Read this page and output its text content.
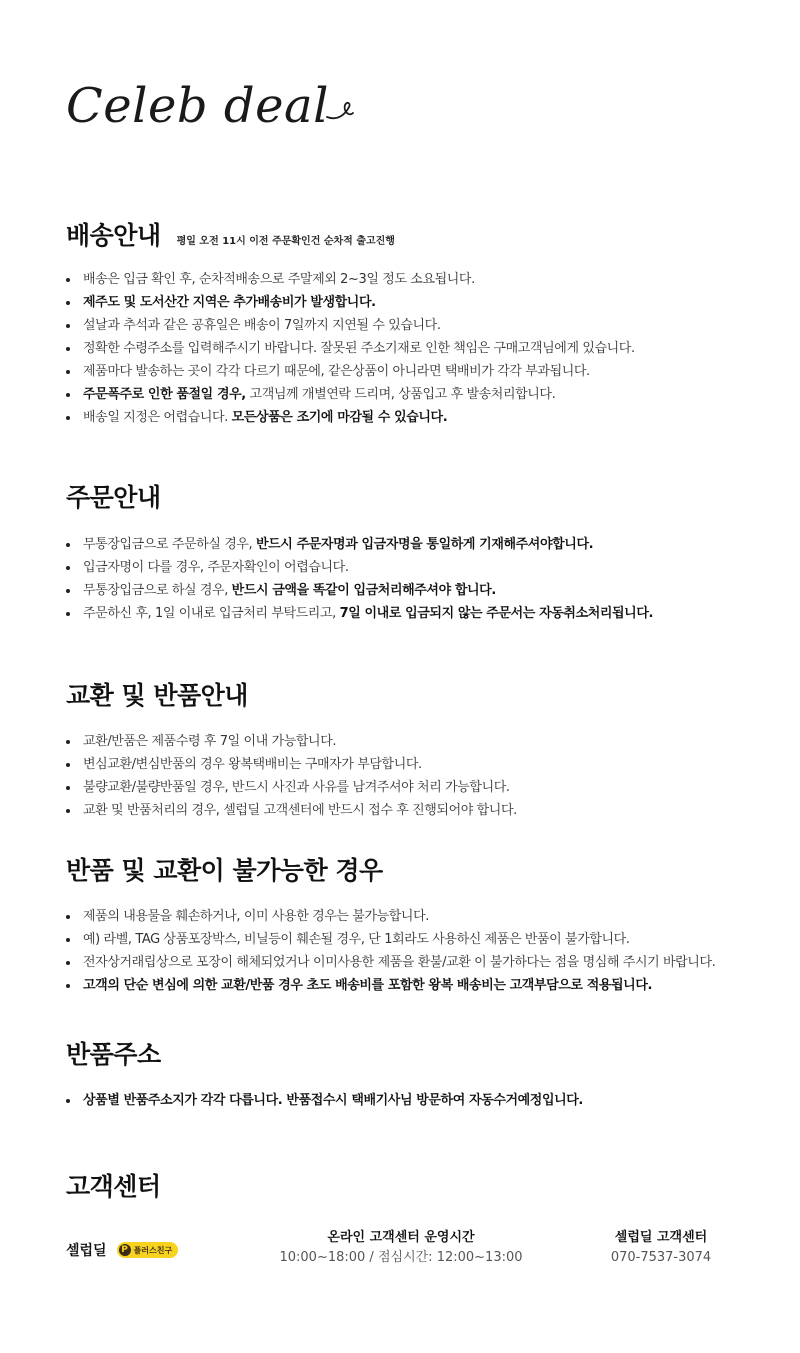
Celeb deal
배송안내 평일 오전 11시 이전 주문확인건 순차적 출고진행
배송은 입금 확인 후, 순차적배송으로 주말제외 2~3일 정도 소요됩니다.
제주도 및 도서산간 지역은 추가배송비가 발생합니다.
설날과 추석과 같은 공휴일은 배송이 7일까지 지연될 수 있습니다.
정확한 수령주소를 입력해주시기 바랍니다. 잘못된 주소기재로 인한 책임은 구매고객님에게 있습니다.
제품마다 발송하는 곳이 각각 다르기 때문에, 같은상품이 아니라면 택배비가 각각 부과됩니다.
주문폭주로 인한 품절일 경우, 고객님께 개별연락 드리며, 상품입고 후 발송처리합니다.
배송일 지정은 어렵습니다. 모든상품은 조기에 마감될 수 있습니다.
주문안내
무통장입금으로 주문하실 경우, 반드시 주문자명과 입금자명을 통일하게 기재해주셔야합니다.
입금자명이 다를 경우, 주문자확인이 어렵습니다.
무통장입금으로 하실 경우, 반드시 금액을 똑같이 입금처리해주셔야 합니다.
주문하신 후, 1일 이내로 입금처리 부탁드리고, 7일 이내로 입금되지 않는 주문서는 자동취소처리됩니다.
교환 및 반품안내
교환/반품은 제품수령 후 7일 이내 가능합니다.
변심교환/변심반품의 경우 왕복택배비는 구매자가 부담합니다.
불량교환/불량반품일 경우, 반드시 사진과 사유를 남겨주셔야 처리 가능합니다.
교환 및 반품처리의 경우, 셀럽딜 고객센터에 반드시 접수 후 진행되어야 합니다.
반품 및 교환이 불가능한 경우
제품의 내용물을 훼손하거나, 이미 사용한 경우는 불가능합니다.
예) 라벨, TAG 상품포장박스, 비닐등이 훼손될 경우, 단 1회라도 사용하신 제품은 반품이 불가합니다.
전자상거래립상으로 포장이 해체되었거나 이미사용한 제품을 환불/교환 이 불가하다는 점을 명심해 주시기 바랍니다.
고객의 단순 변심에 의한 교환/반품 경우 초도 배송비를 포함한 왕복 배송비는 고객부담으로 적용됩니다.
반품주소
상품별 반품주소지가 각각 다릅니다. 반품접수시 택배기사님 방문하여 자동수거예정입니다.
고객센터
셀럽딜 P 플러스친구
온라인 고객센터 운영시간
10:00~18:00 / 점심시간: 12:00~13:00
셀럽딜 고객센터
070-7537-3074
